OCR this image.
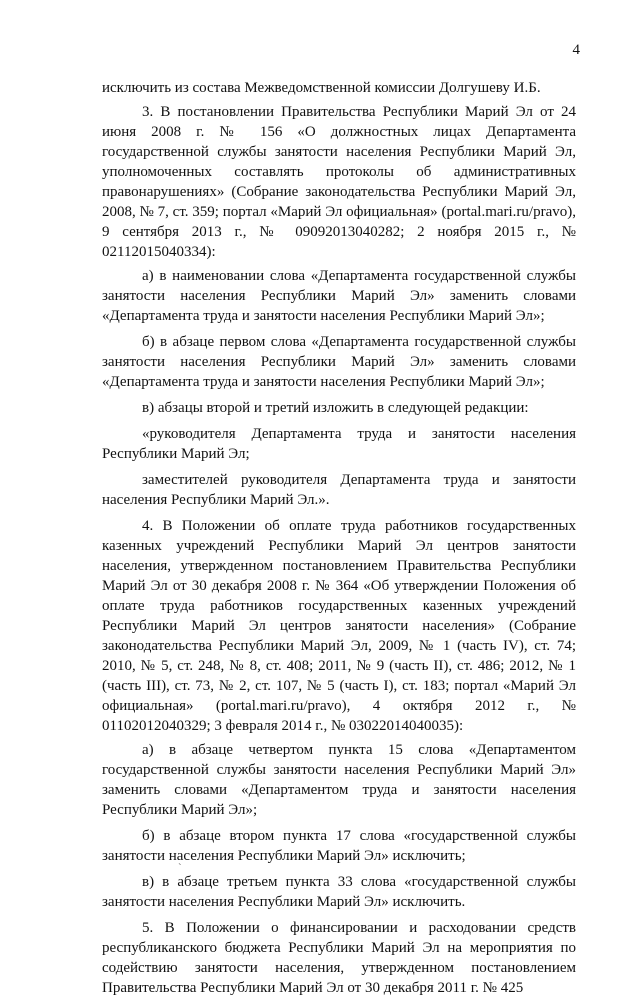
4

исключить из состава Межведомственной комиссии Долгушеву И.Б.

3. В постановлении Правительства Республики Марий Эл от 24 июня 2008 г. № 156 «О должностных лицах Департамента государственной службы занятости населения Республики Марий Эл, уполномоченных составлять протоколы об административных правонарушениях» (Собрание законодательства Республики Марий Эл, 2008, № 7, ст. 359; портал «Марий Эл официальная» (portal.mari.ru/pravo), 9 сентября 2013 г., № 09092013040282; 2 ноября 2015 г., № 02112015040334):

а) в наименовании слова «Департамента государственной службы занятости населения Республики Марий Эл» заменить словами «Департамента труда и занятости населения Республики Марий Эл»;

б) в абзаце первом слова «Департамента государственной службы занятости населения Республики Марий Эл» заменить словами «Департамента труда и занятости населения Республики Марий Эл»;

в) абзацы второй и третий изложить в следующей редакции:

«руководителя Департамента труда и занятости населения Республики Марий Эл;

заместителей руководителя Департамента труда и занятости населения Республики Марий Эл.».

4. В Положении об оплате труда работников государственных казенных учреждений Республики Марий Эл центров занятости населения, утвержденном постановлением Правительства Республики Марий Эл от 30 декабря 2008 г. № 364 «Об утверждении Положения об оплате труда работников государственных казенных учреждений Республики Марий Эл центров занятости населения» (Собрание законодательства Республики Марий Эл, 2009, № 1 (часть IV), ст. 74; 2010, № 5, ст. 248, № 8, ст. 408; 2011, № 9 (часть II), ст. 486; 2012, № 1 (часть III), ст. 73, № 2, ст. 107, № 5 (часть I), ст. 183; портал «Марий Эл официальная» (portal.mari.ru/pravo), 4 октября 2012 г., № 01102012040329; 3 февраля 2014 г., № 03022014040035):

а) в абзаце четвертом пункта 15 слова «Департаментом государственной службы занятости населения Республики Марий Эл» заменить словами «Департаментом труда и занятости населения Республики Марий Эл»;

б) в абзаце втором пункта 17 слова «государственной службы занятости населения Республики Марий Эл» исключить;

в) в абзаце третьем пункта 33 слова «государственной службы занятости населения Республики Марий Эл» исключить.

5. В Положении о финансировании и расходовании средств республиканского бюджета Республики Марий Эл на мероприятия по содействию занятости населения, утвержденном постановлением Правительства Республики Марий Эл от 30 декабря 2011 г. № 425

`
